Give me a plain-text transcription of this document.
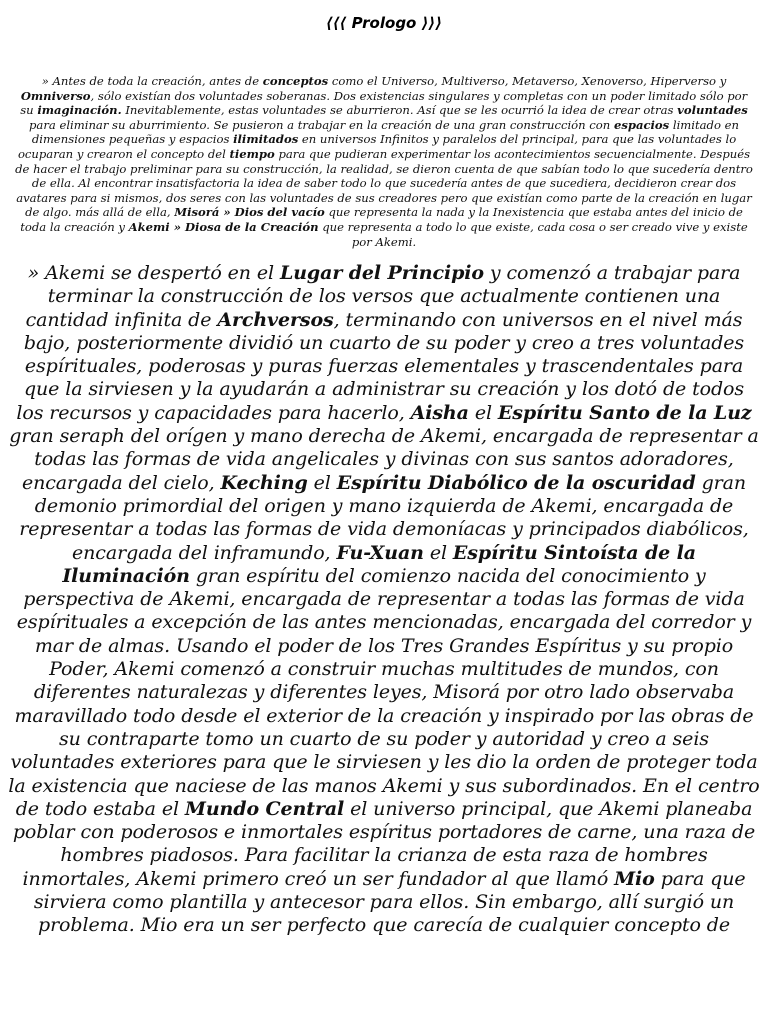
⟨⟨⟨ Prologo ⟩⟩⟩
» Antes de toda la creación, antes de conceptos como el Universo, Multiverso, Metaverso, Xenoverso, Hiperverso y Omniverso, sólo existían dos voluntades soberanas. Dos existencias singulares y completas con un poder limitado sólo por su imaginación. Inevitablemente, estas voluntades se aburrieron. Así que se les ocurrió la idea de crear otras voluntades para eliminar su aburrimiento. Se pusieron a trabajar en la creación de una gran construcción con espacios limitado en dimensiones pequeñas y espacios ilimitados en universos Infinitos y paralelos del principal, para que las voluntades lo ocuparan y crearon el concepto del tiempo para que pudieran experimentar los acontecimientos secuencialmente. Después de hacer el trabajo preliminar para su construcción, la realidad, se dieron cuenta de que sabían todo lo que sucedería dentro de ella. Al encontrar insatisfactoria la idea de saber todo lo que sucedería antes de que sucediera, decidieron crear dos avatares para si mismos, dos seres con las voluntades de sus creadores pero que existían como parte de la creación en lugar de algo. más allá de ella, Misorá » Dios del vacío que representa la nada y la Inexistencia que estaba antes del inicio de toda la creación y Akemi » Diosa de la Creación que representa a todo lo que existe, cada cosa o ser creado vive y existe por Akemi.
» Akemi se despertó en el Lugar del Principio y comenzó a trabajar para terminar la construcción de los versos que actualmente contienen una cantidad infinita de Archversos, terminando con universos en el nivel más bajo, posteriormente dividió un cuarto de su poder y creo a tres voluntades espírituales, poderosas y puras fuerzas elementales y trascendentales para que la sirviesen y la ayudarán a administrar su creación y los dotó de todos los recursos y capacidades para hacerlo, Aisha el Espíritu Santo de la Luz gran seraph del orígen y mano derecha de Akemi, encargada de representar a todas las formas de vida angelicales y divinas con sus santos adoradores, encargada del cielo, Keching el Espíritu Diabólico de la oscuridad gran demonio primordial del origen y mano izquierda de Akemi, encargada de representar a todas las formas de vida demoníacas y principados diabólicos, encargada del inframundo, Fu-Xuan el Espíritu Sintoísta de la Iluminación gran espíritu del comienzo nacida del conocimiento y perspectiva de Akemi, encargada de representar a todas las formas de vida espírituales a excepción de las antes mencionadas, encargada del corredor y mar de almas. Usando el poder de los Tres Grandes Espíritus y su propio Poder, Akemi comenzó a construir muchas multitudes de mundos, con diferentes naturalezas y diferentes leyes, Misorá por otro lado observaba maravillado todo desde el exterior de la creación y inspirado por las obras de su contraparte tomo un cuarto de su poder y autoridad y creo a seis voluntades exteriores para que le sirviesen y les dio la orden de proteger toda la existencia que naciese de las manos Akemi y sus subordinados. En el centro de todo estaba el Mundo Central el universo principal, que Akemi planeaba poblar con poderosos e inmortales espíritus portadores de carne, una raza de hombres piadosos. Para facilitar la crianza de esta raza de hombres inmortales, Akemi primero creó un ser fundador al que llamó Mio para que sirviera como plantilla y antecesor para ellos. Sin embargo, allí surgió un problema. Mio era un ser perfecto que carecía de cualquier concepto de
